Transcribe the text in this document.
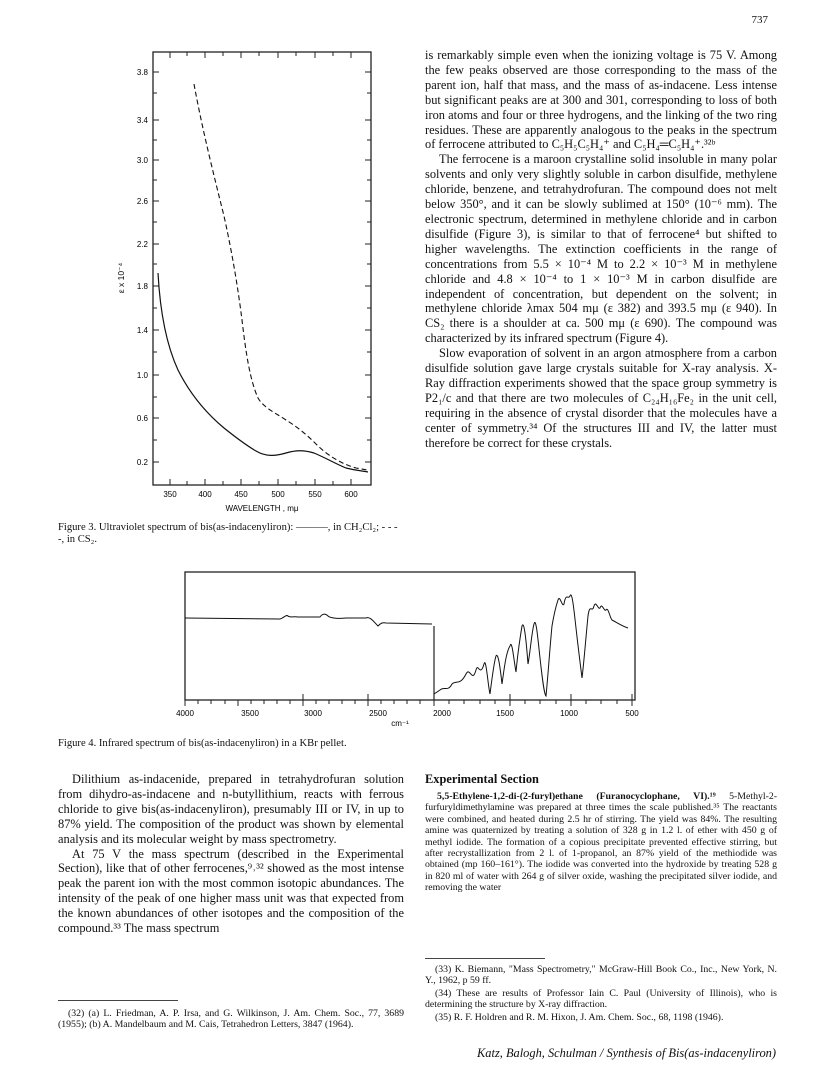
737
3.8
3.4
3.0
2.6
2.2
1.8
1.4
1.0
0.6
0.2
ε x 10⁻⁴
350	400	450	500	550	600
WAVELENGTH , mμ
Figure 3. Ultraviolet spectrum of bis(as-indacenyliron): ———, in CH₂Cl₂; - - - -, in CS₂.

is remarkably simple even when the ionizing voltage is 75 V. Among the few peaks observed are those corresponding to the mass of the parent ion, half that mass, and the mass of as-indacene. Less intense but significant peaks are at 300 and 301, corresponding to loss of both iron atoms and four or three hydrogens, and the linking of the two ring residues. These are apparently analogous to the peaks in the spectrum of ferrocene attributed to C₅H₅C₅H₄⁺ and C₅H₄═C₅H₄⁺.³²ᵇ

The ferrocene is a maroon crystalline solid insoluble in many polar solvents and only very slightly soluble in carbon disulfide, methylene chloride, benzene, and tetrahydrofuran. The compound does not melt below 350°, and it can be slowly sublimed at 150° (10⁻⁶ mm). The electronic spectrum, determined in methylene chloride and in carbon disulfide (Figure 3), is similar to that of ferrocene⁴ but shifted to higher wavelengths. The extinction coefficients in the range of concentrations from 5.5 × 10⁻⁴ M to 2.2 × 10⁻³ M in methylene chloride and 4.8 × 10⁻⁴ to 1 × 10⁻³ M in carbon disulfide are independent of concentration, but dependent on the solvent; in methylene chloride λmax 504 mμ (ε 382) and 393.5 mμ (ε 940). In CS₂ there is a shoulder at ca. 500 mμ (ε 690). The compound was characterized by its infrared spectrum (Figure 4).

Slow evaporation of solvent in an argon atmosphere from a carbon disulfide solution gave large crystals suitable for X-ray analysis. X-Ray diffraction experiments showed that the space group symmetry is P2₁/c and that there are two molecules of C₂₄H₁₆Fe₂ in the unit cell, requiring in the absence of crystal disorder that the molecules have a center of symmetry.³⁴ Of the structures III and IV, the latter must therefore be correct for these crystals.

4000	3500	3000	2500	2000	1500	1000	500
cm⁻¹
Figure 4. Infrared spectrum of bis(as-indacenyliron) in a KBr pellet.

Dilithium as-indacenide, prepared in tetrahydrofuran solution from dihydro-as-indacene and n-butyllithium, reacts with ferrous chloride to give bis(as-indacenyliron), presumably III or IV, in up to 87% yield. The composition of the product was shown by elemental analysis and its molecular weight by mass spectrometry.

At 75 V the mass spectrum (described in the Experimental Section), like that of other ferrocenes,⁹˒³² showed as the most intense peak the parent ion with the most common isotopic abundances. The intensity of the peak of one higher mass unit was that expected from the known abundances of other isotopes and the composition of the compound.³³ The mass spectrum

(32) (a) L. Friedman, A. P. Irsa, and G. Wilkinson, J. Am. Chem. Soc., 77, 3689 (1955); (b) A. Mandelbaum and M. Cais, Tetrahedron Letters, 3847 (1964).

Experimental Section

5,5-Ethylene-1,2-di-(2-furyl)ethane (Furanocyclophane, VI).¹⁹ 5-Methyl-2-furfuryldimethylamine was prepared at three times the scale published.³⁵ The reactants were combined, and heated during 2.5 hr of stirring. The yield was 84%. The resulting amine was quaternized by treating a solution of 328 g in 1.2 l. of ether with 450 g of methyl iodide. The formation of a copious precipitate prevented effective stirring, but after recrystallization from 2 l. of 1-propanol, an 87% yield of the methiodide was obtained (mp 160–161°). The iodide was converted into the hydroxide by treating 528 g in 820 ml of water with 264 g of silver oxide, washing the precipitated silver iodide, and removing the water

(33) K. Biemann, "Mass Spectrometry," McGraw-Hill Book Co., Inc., New York, N. Y., 1962, p 59 ff.

(34) These are results of Professor Iain C. Paul (University of Illinois), who is determining the structure by X-ray diffraction.

(35) R. F. Holdren and R. M. Hixon, J. Am. Chem. Soc., 68, 1198 (1946).

Katz, Balogh, Schulman / Synthesis of Bis(as-indacenyliron)
